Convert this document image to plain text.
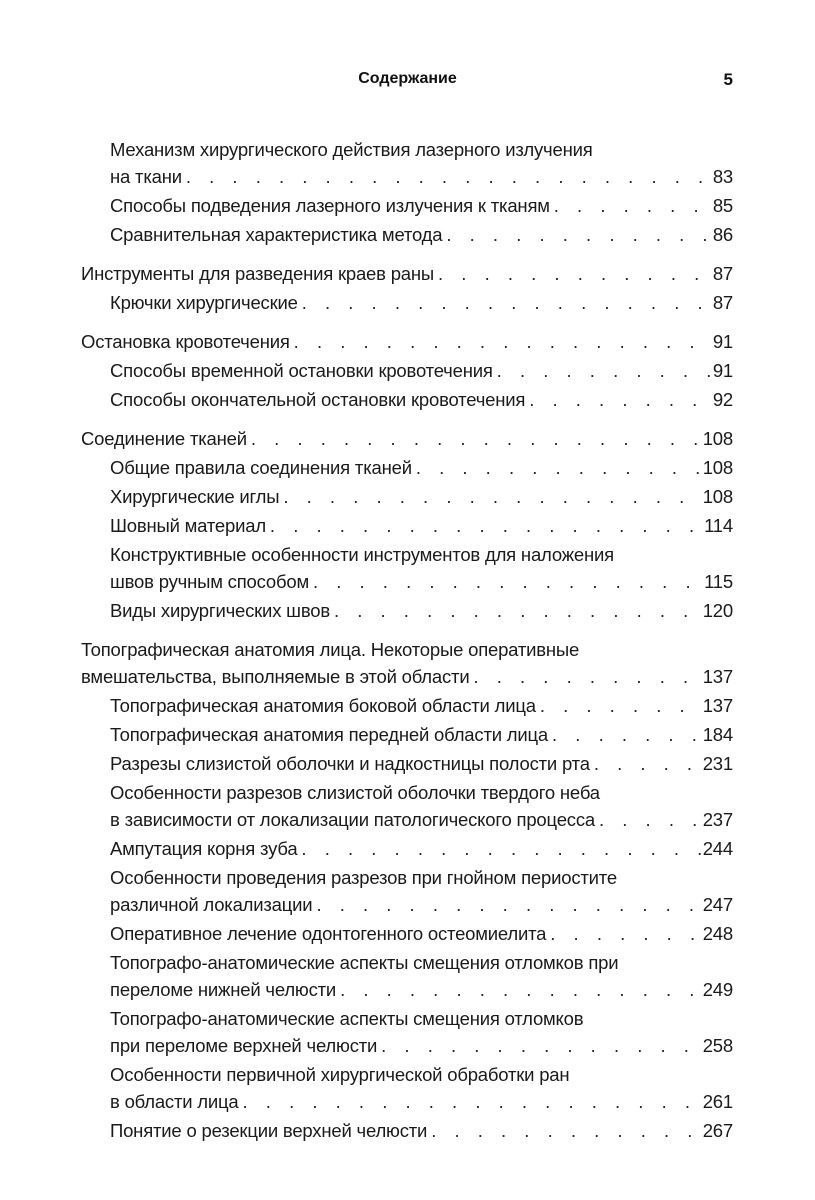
Содержание	5
Механизм хирургического действия лазерного излучения
на ткани . . .	83
Способы подведения лазерного излучения к тканям . . .	85
Сравнительная характеристика метода . . .	86
Инструменты для разведения краев раны . . .	87
Крючки хирургические . . .	87
Остановка кровотечения . . .	91
Способы временной остановки кровотечения . . .	91
Способы окончательной остановки кровотечения . . .	92
Соединение тканей . . .	108
Общие правила соединения тканей . . .	108
Хирургические иглы . . .	108
Шовный материал . . .	114
Конструктивные особенности инструментов для наложения
швов ручным способом . . .	115
Виды хирургических швов . . .	120
Топографическая анатомия лица. Некоторые оперативные
вмешательства, выполняемые в этой области . . .	137
Топографическая анатомия боковой области лица . . .	137
Топографическая анатомия передней области лица . . .	184
Разрезы слизистой оболочки и надкостницы полости рта . . .	231
Особенности разрезов слизистой оболочки твердого неба
в зависимости от локализации патологического процесса . . .	237
Ампутация корня зуба . . .	244
Особенности проведения разрезов при гнойном периостите
различной локализации . . .	247
Оперативное лечение одонтогенного остеомиелита . . .	248
Топографо-анатомические аспекты смещения отломков при
переломе нижней челюсти . . .	249
Топографо-анатомические аспекты смещения отломков
при переломе верхней челюсти . . .	258
Особенности первичной хирургической обработки ран
в области лица . . .	261
Понятие о резекции верхней челюсти . . .	267
